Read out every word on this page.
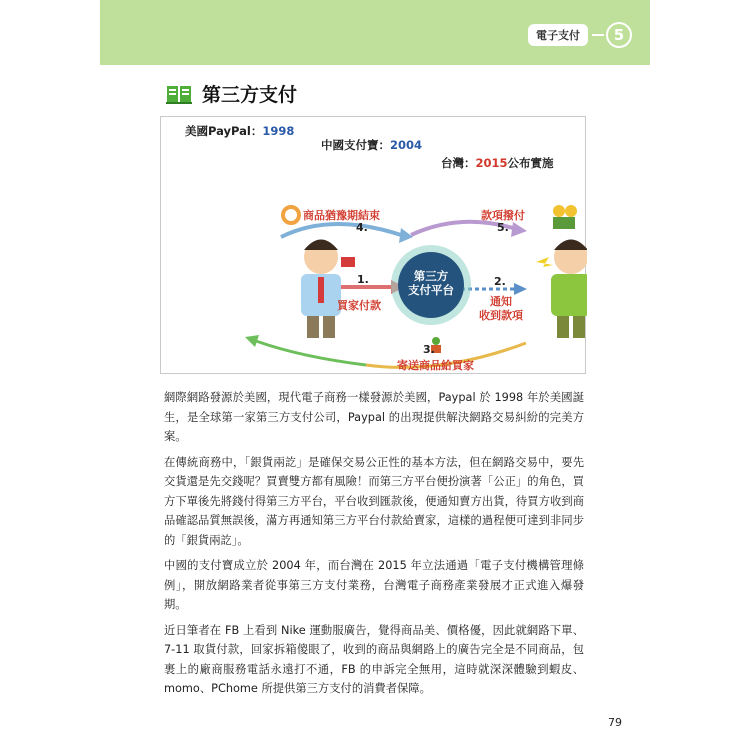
電子支付	5
第三方支付
美國PayPal：1998
中國支付寶：2004
台灣：2015公布實施
第三方
支付平台
4.
商品猶豫期結束
5.
款項撥付
1.
買家付款
2.
通知
收到款項
3.
寄送商品給買家

網際網路發源於美國，現代電子商務一樣發源於美國，Paypal 於 1998 年於美國誕生，是全球第一家第三方支付公司，Paypal 的出現提供解決網路交易糾紛的完美方案。

在傳統商務中，「銀貨兩訖」是確保交易公正性的基本方法，但在網路交易中，要先交貨還是先交錢呢？買賣雙方都有風險！而第三方平台便扮演著「公正」的角色，買方下單後先將錢付得第三方平台，平台收到匯款後，便通知賣方出貨，待買方收到商品確認品質無誤後，滿方再通知第三方平台付款給賣家，這樣的過程便可達到非同步的「銀貨兩訖」。

中國的支付寶成立於 2004 年，而台灣在 2015 年立法通過「電子支付機構管理條例」，開放網路業者從事第三方支付業務，台灣電子商務產業發展才正式進入爆發期。

近日筆者在 FB 上看到 Nike 運動服廣告，覺得商品美、價格優，因此就網路下單、7-11 取貨付款，回家拆箱傻眼了，收到的商品與網路上的廣告完全是不同商品，包裹上的廠商服務電話永遠打不通，FB 的申訴完全無用，這時就深深體驗到蝦皮、momo、PChome 所提供第三方支付的消費者保障。

79
